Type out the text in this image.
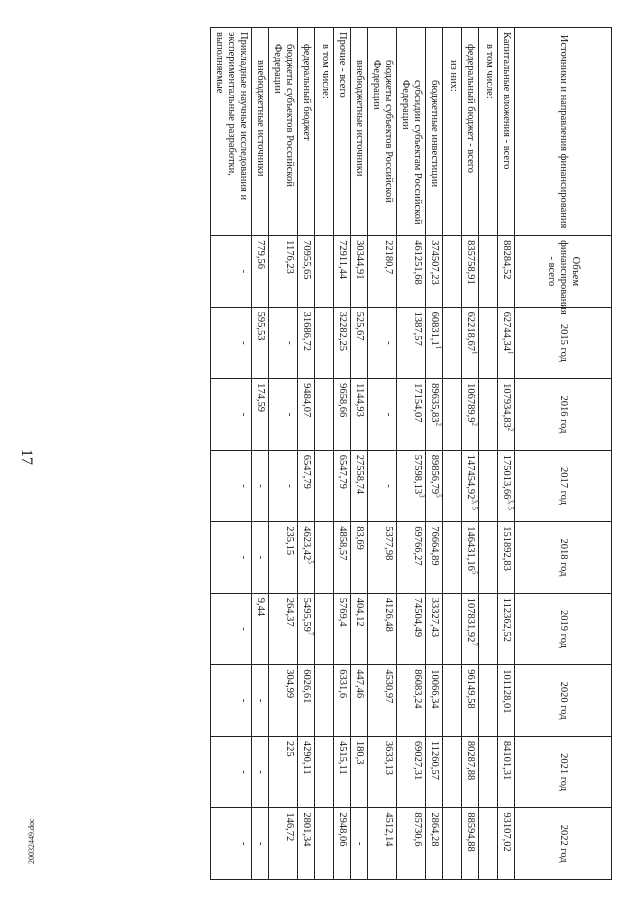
17
20032449.doc
Источники и направления финансирования	Объем финансирования - всего	2015 год	2016 год	2017 год	2018 год	2019 год	2020 год	2021 год	2022 год
Капитальные вложения - всего	88284,52	62744,34$^1$	107934,83$^2$	175013,66$^{3, 5}$	151892,83	112362,52	101128,01	84101,31	93107,02
в том числе:									
федеральный бюджет - всего	835758,91	62218,67$^1$	106789,9$^2$	147454,92$^{3, 5}$	146431,16$^5$	107831,92$^7$	96149,58	80287,88	88594,88
из них:									
бюджетные инвестиции	374507,23	60831,1$^1$	89635,83$^2$	89856,79$^5$	76664,89	33327,43	10066,34	11260,57	2864,28
субсидии субъектам Российской Федерации	461251,68	1387,57	17154,07	57598,13$^3$	69766,27	74504,49	86083,24	69027,31	85730,6
бюджеты субъектов Российской Федерации	22180,7	-	-	-	5377,98	4126,48	4530,97	3633,13	4512,14
внебюджетные источники	30344,91	525,67	1144,93	27558,74	83,69	404,12	447,46	180,3	-
Прочие - всего	72911,44	32282,25	9658,66	6547,79	4858,57	5769,4	6331,6	4515,11	2948,06
в том числе:									
федеральный бюджет	70955,65	31686,72	9484,07	6547,79	4623,42$^5$	5495,59$^7$	6026,61	4290,11	2801,34
бюджеты субъектов Российской Федерации	1176,23	-	-	-	235,15	264,37	304,99	225	146,72
внебюджетные источники	779,56	595,53	174,59	-	-	9,44	-	-	-
Прикладные научные исследования и экспериментальные разработки, выполняемые	-	-	-	-	-	-	-	-	-
